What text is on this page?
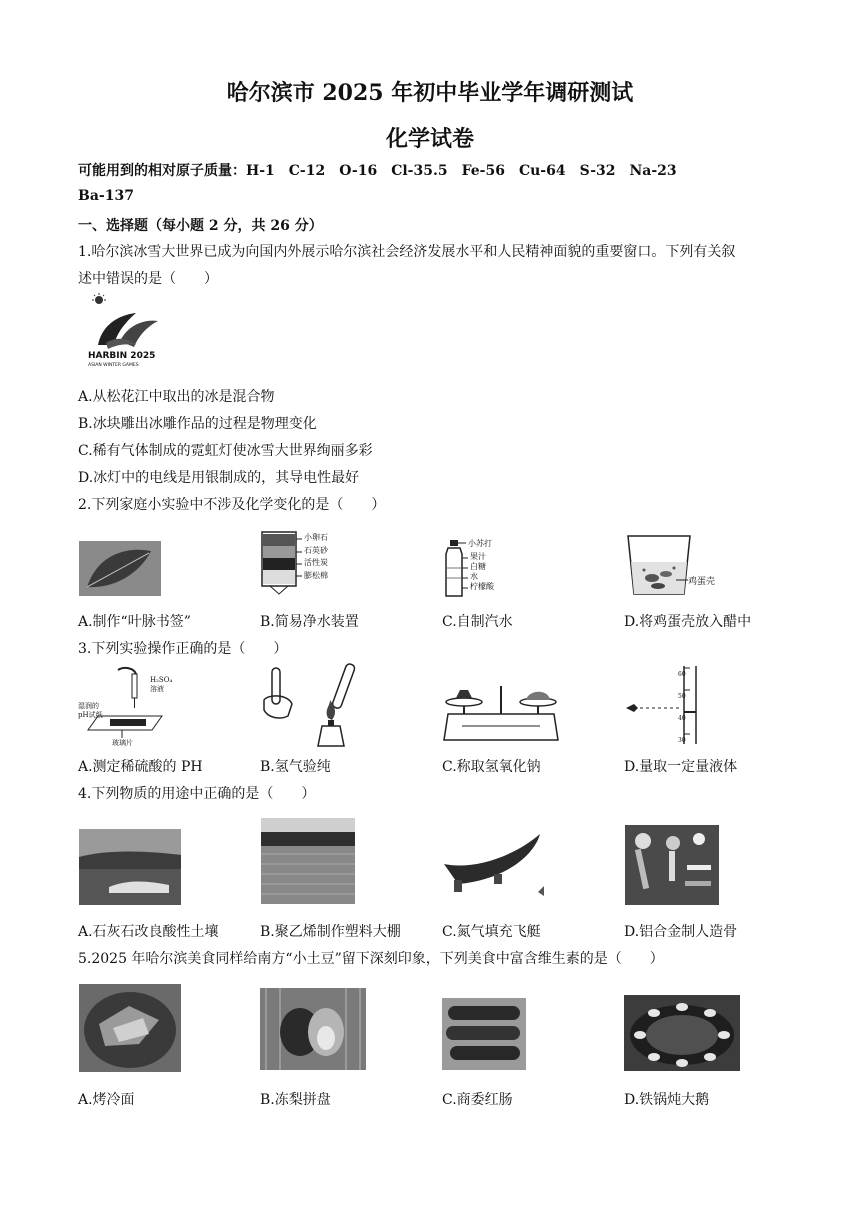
哈尔滨市 2025 年初中毕业学年调研测试
化学试卷
可能用到的相对原子质量：H-1　C-12　O-16　Cl-35.5　Fe-56　Cu-64　S-32　Na-23
Ba-137
一、选择题（每小题 2 分，共 26 分）
1.哈尔滨冰雪大世界已成为向国内外展示哈尔滨社会经济发展水平和人民精神面貌的重要窗口。下列有关叙
述中错误的是（　　）
HARBIN 2025
ASIAN WINTER GAMES
A.从松花江中取出的冰是混合物
B.冰块雕出冰雕作品的过程是物理变化
C.稀有气体制成的霓虹灯使冰雪大世界绚丽多彩
D.冰灯中的电线是用银制成的，其导电性最好
2.下列家庭小实验中不涉及化学变化的是（　　）
小卵石
石英砂
活性炭
膨松棉
小苏打
果汁
白糖
水
柠檬酸	鸡蛋壳
A.制作“叶脉书签”	B.简易净水装置	C.自制汽水	D.将鸡蛋壳放入醋中
3.下列实验操作正确的是（　　）
H₂SO₄
溶液
湿润的
pH试纸
玻璃片
60
50
40
30
A.测定稀硫酸的 PH	B.氢气验纯	C.称取氢氧化钠	D.量取一定量液体
4.下列物质的用途中正确的是（　　）
A.石灰石改良酸性土壤	B.聚乙烯制作塑料大棚	C.氮气填充飞艇	D.铝合金制人造骨
5.2025 年哈尔滨美食同样给南方“小土豆”留下深刻印象，下列美食中富含维生素的是（　　）
A.烤冷面	B.冻梨拼盘	C.商委红肠	D.铁锅炖大鹅
